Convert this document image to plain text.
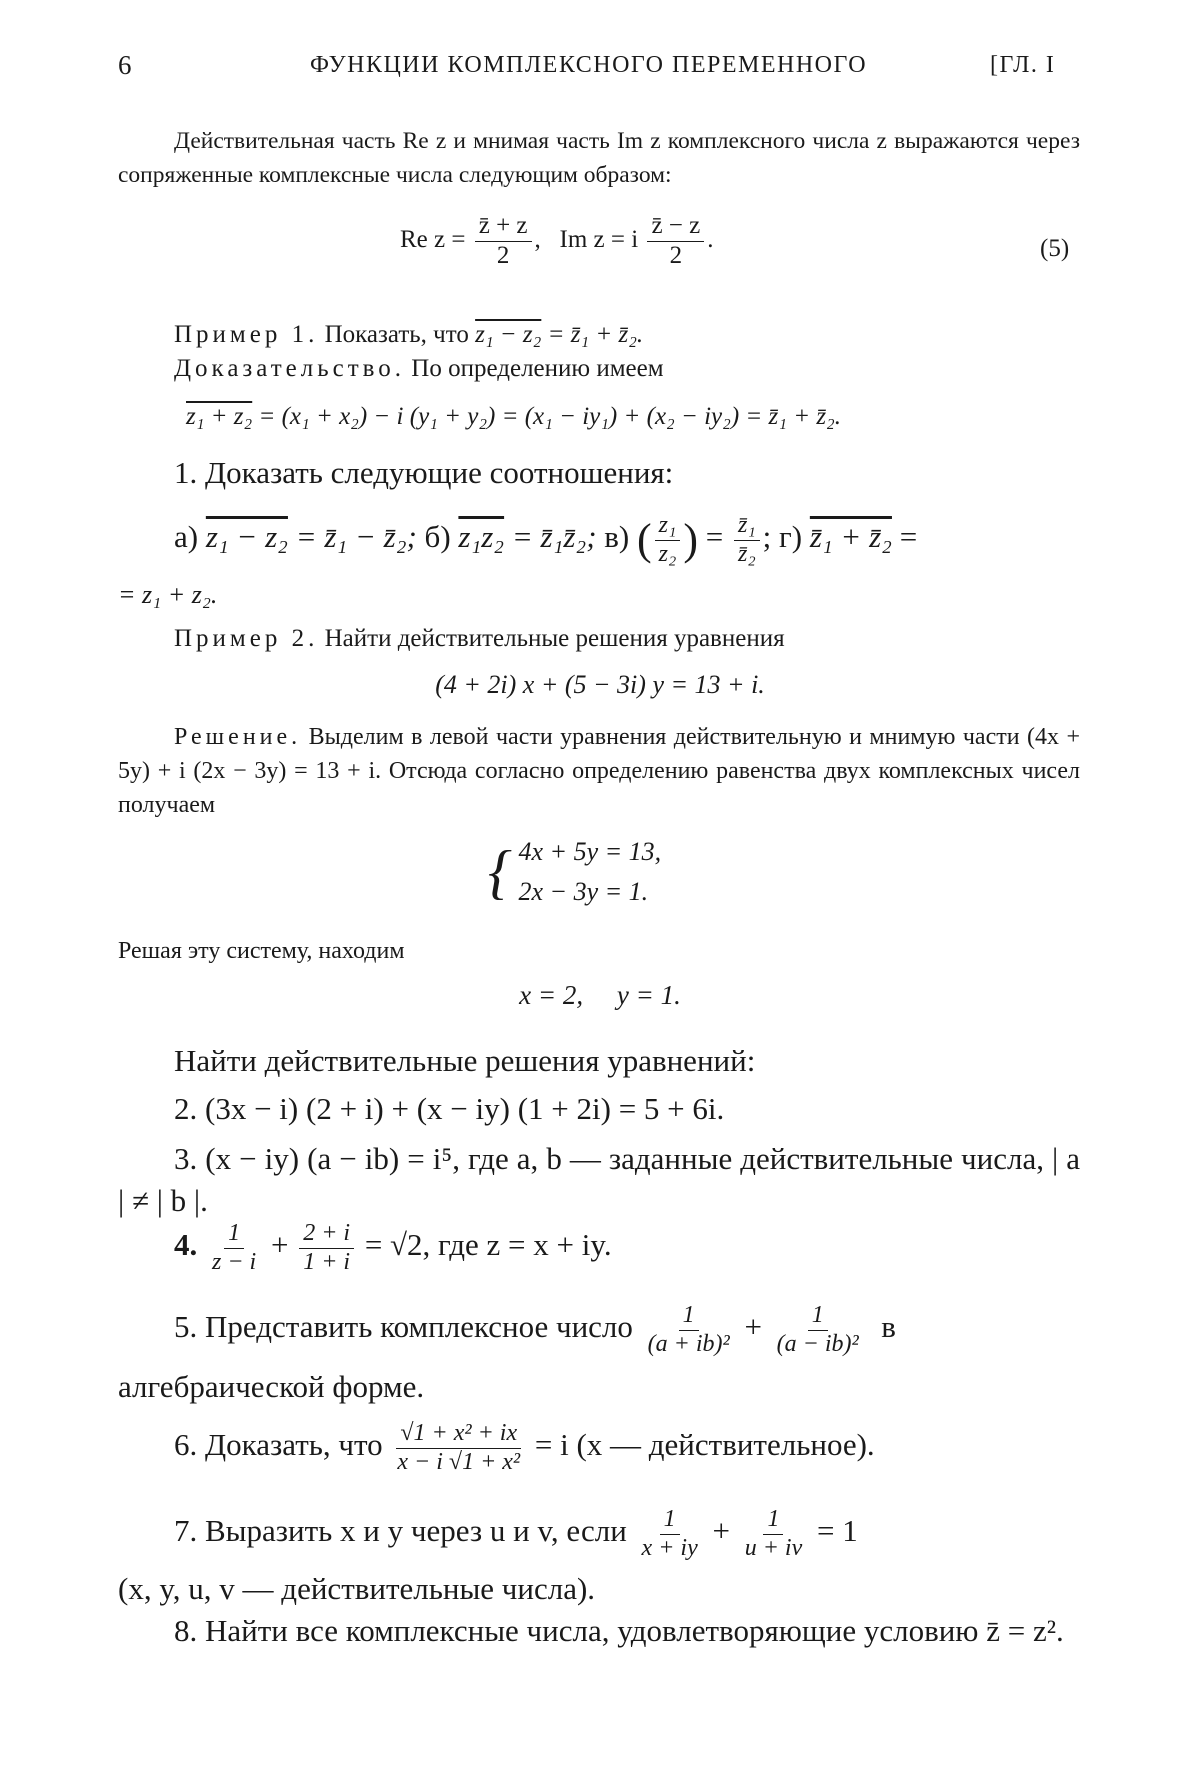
6	ФУНКЦИИ КОМПЛЕКСНОГО ПЕРЕМЕННОГО	[ГЛ. I

Действительная часть Re z и мнимая часть Im z комплексного числа z выражаются через сопряженные комплексные числа следующим образом:

Re $z = \frac{z̄ + z}{2}$ , Im z = i $\frac{z̄ - z}{2}$ .	(5)
Пример 1. Показать, что z₁ − z₂ = z̄₁ + z̄₂.
Доказательство. По определению имеем
z₁ + z₂ = (x₁ + x₂) − i (y₁ + y₂) = (x₁ − iy₁) + (x₂ − iy₂) = z̄₁ + z̄₂.
1. Доказать следующие соотношения:
а) z₁ − z₂ = z̄₁ − z̄₂; б) z₁z₂ = z̄₁z̄₂; в) ( $\frac{\text{z₁}}{\text{z₂}}$ ) = $\frac{\text{z̄₁}}{\text{z̄₂}}$ ; г) z̄₁ + z̄₂ =
= z₁ + z₂.
Пример 2. Найти действительные решения уравнения
(4 + 2i) x + (5 − 3i) y = 13 + i.
Решение. Выделим в левой части уравнения действительную и мнимую части (4x + 5y) + i (2x − 3y) = 13 + i. Отсюда согласно определению равенства двух комплексных чисел получаем
{ 4x + 5y = 13,
2x − 3y = 1.
Решая эту систему, находим
x = 2,     y = 1.
Найти действительные решения уравнений:
2. (3x − i) (2 + i) + (x − iy) (1 + 2i) = 5 + 6i.

3. (x − iy) (a − ib) = i⁵, где a, b — заданные действительные числа, | a | ≠ | b |.

4. $\frac{1}{z - i} + \frac{2 + i}{1 + i} = √2$, где z = x + iy.
5. Представить комплексное число $\frac{1}{\text{(a + ib)²}} + \frac{1}{\text{(a − ib)²}}$ в
алгебраической форме.
6. Доказать, что $\frac{\text{√1 + x² + ix}}{\text{x − i √1 + x²}} = i$ (x — действительное).
7. Выразить x и y через u и v, если $\frac{1}{x + iy} + \frac{1}{u + iv} = 1$
(x, y, u, v — действительные числа).

8. Найти все комплексные числа, удовлетворяющие условию z̄ = z².
